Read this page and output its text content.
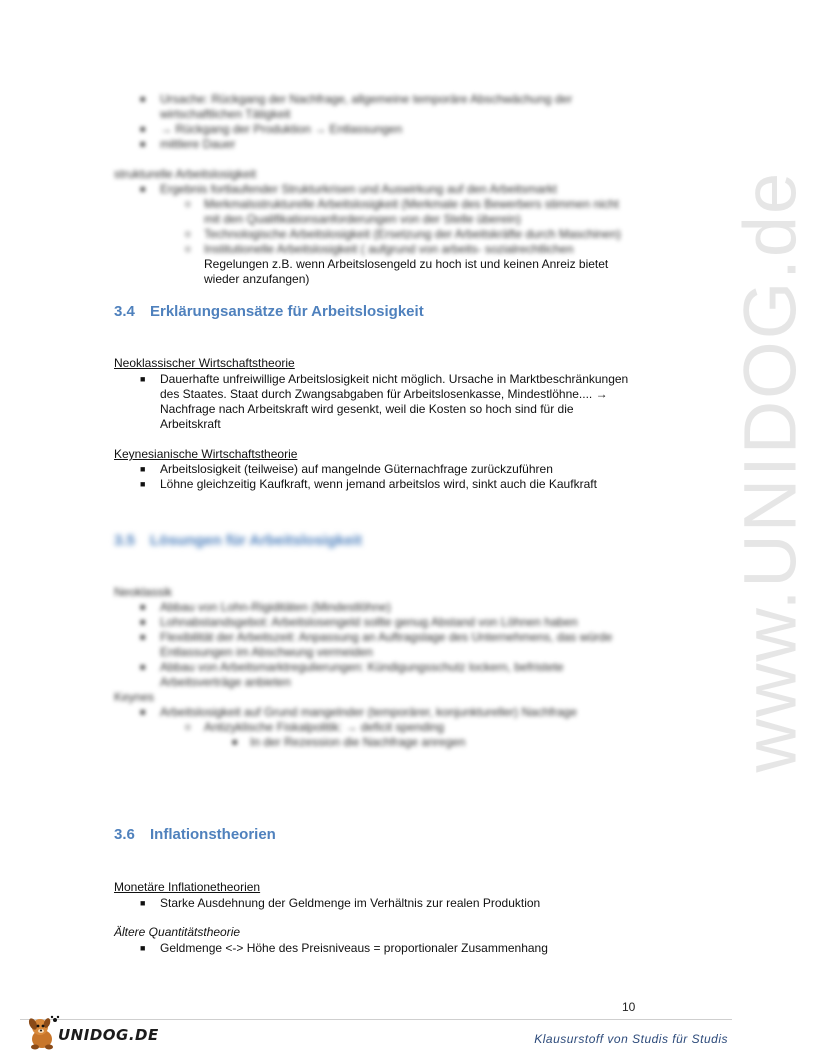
www.UNIDOG.de
■ Ursache: Rückgang der Nachfrage, allgemeine temporäre Abschwächung der
wirtschaftlichen Tätigkeit
■ → Rückgang der Produktion → Entlassungen
■ mittlere Dauer
strukturelle Arbeitslosigkeit
■ Ergebnis fortlaufender Strukturkrisen und Auswirkung auf den Arbeitsmarkt
o Merkmalsstrukturelle Arbeitslosigkeit (Merkmale des Bewerbers stimmen nicht
mit den Qualifikationsanforderungen von der Stelle überein)
o Technologische Arbeitslosigkeit (Ersetzung der Arbeitskräfte durch Maschinen)
o Institutionelle Arbeitslosigkeit ( aufgrund von arbeits- sozialrechtlichen
Regelungen z.B. wenn Arbeitslosengeld zu hoch ist und keinen Anreiz bietet
wieder anzufangen)
3.4 Erklärungsansätze für Arbeitslosigkeit
Neoklassischer Wirtschaftstheorie
■ Dauerhafte unfreiwillige Arbeitslosigkeit nicht möglich. Ursache in Marktbeschränkungen
des Staates. Staat durch Zwangsabgaben für Arbeitslosenkasse, Mindestlöhne.... →
Nachfrage nach Arbeitskraft wird gesenkt, weil die Kosten so hoch sind für die
Arbeitskraft
Keynesianische Wirtschaftstheorie
■ Arbeitslosigkeit (teilweise) auf mangelnde Güternachfrage zurückzuführen
■ Löhne gleichzeitig Kaufkraft, wenn jemand arbeitslos wird, sinkt auch die Kaufkraft
3.5 Lösungen für Arbeitslosigkeit
Neoklassik
■ Abbau von Lohn-Rigiditäten (Mindestlöhne)
■ Lohnabstandsgebot: Arbeitslosengeld sollte genug Abstand von Löhnen haben
■ Flexibilität der Arbeitszeit: Anpassung an Auftragslage des Unternehmens, das würde
Entlassungen im Abschwung vermeiden
■ Abbau von Arbeitsmarktregulierungen: Kündigungsschutz lockern, befristete
Arbeitsverträge anbieten
Keynes
■ Arbeitslosigkeit auf Grund mangelnder (temporärer, konjunktureller) Nachfrage
o Antizyklische Fiskalpolitik: → deficit spending
■ In der Rezession die Nachfrage anregen
3.6 Inflationstheorien
Monetäre Inflationetheorien
■ Starke Ausdehnung der Geldmenge im Verhältnis zur realen Produktion
Ältere Quantitätstheorie
■ Geldmenge <-> Höhe des Preisniveaus = proportionaler Zusammenhang
10
UNIDOG.DE	Klausurstoff von Studis für Studis
